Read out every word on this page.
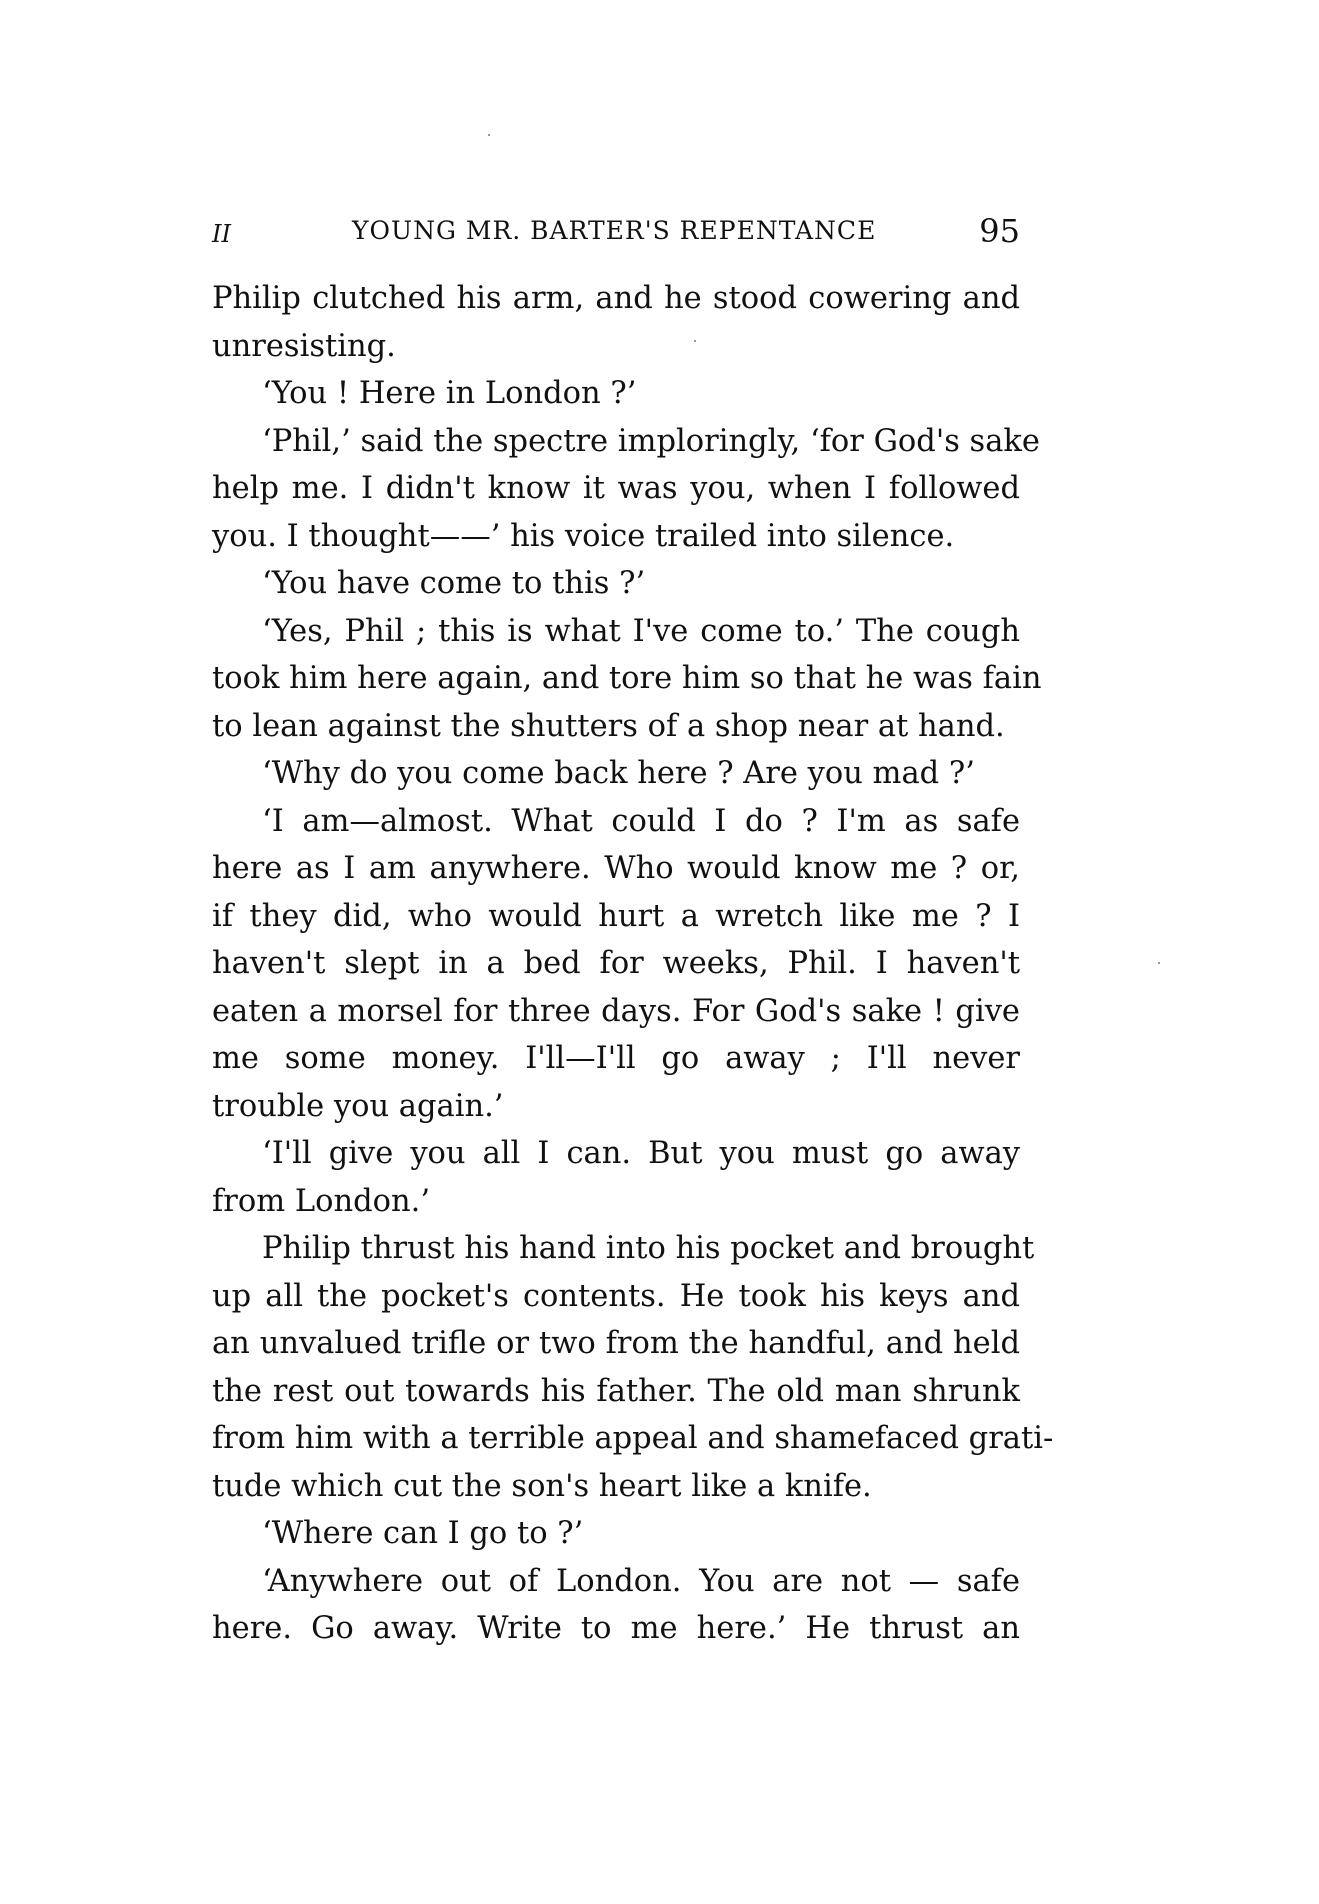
II	YOUNG MR. BARTER'S REPENTANCE	95
Philip clutched his arm, and he stood cowering and
unresisting.
‘You ! Here in London ?’
‘Phil,’ said the spectre imploringly, ‘for God's sake
help me. I didn't know it was you, when I followed
you. I thought——’ his voice trailed into silence.
‘You have come to this ?’
‘Yes, Phil ; this is what I've come to.’ The cough
took him here again, and tore him so that he was fain
to lean against the shutters of a shop near at hand.
‘Why do you come back here ? Are you mad ?’
‘I am—almost. What could I do ? I'm as safe
here as I am anywhere. Who would know me ? or,
if they did, who would hurt a wretch like me ? I
haven't slept in a bed for weeks, Phil. I haven't
eaten a morsel for three days. For God's sake ! give
me some money. I'll—I'll go away ; I'll never
trouble you again.’
‘I'll give you all I can. But you must go away
from London.’
Philip thrust his hand into his pocket and brought
up all the pocket's contents. He took his keys and
an unvalued trifle or two from the handful, and held
the rest out towards his father. The old man shrunk
from him with a terrible appeal and shamefaced grati-
tude which cut the son's heart like a knife.
‘Where can I go to ?’
‘Anywhere out of London. You are not — safe
here. Go away. Write to me here.’ He thrust an
